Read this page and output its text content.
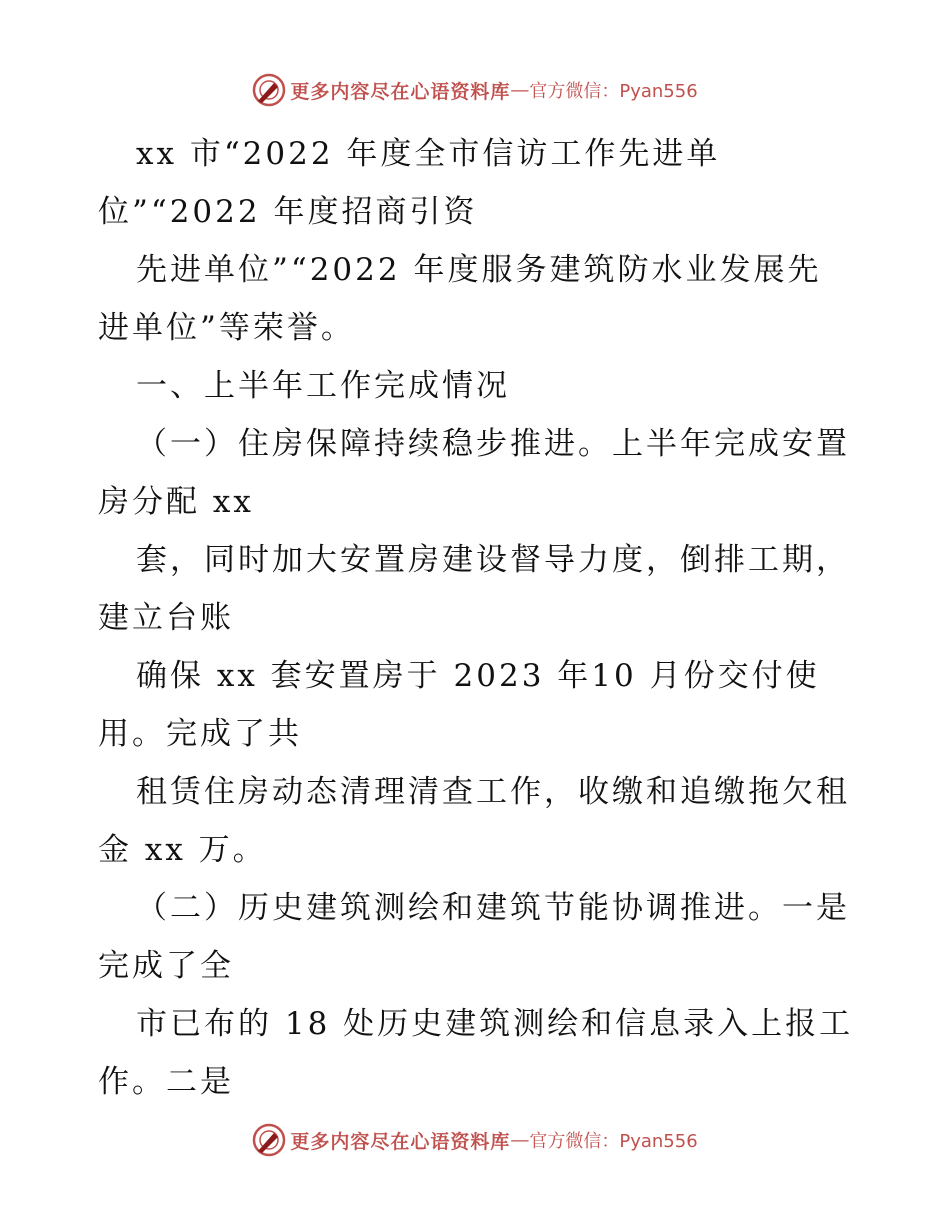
更多内容尽在心语资料库 — 官方微信：Pyan556

xx 市“2022 年度全市信访工作先进单

位”“2022 年度招商引资

先进单位”“2022 年度服务建筑防水业发展先

进单位”等荣誉。

一、上半年工作完成情况

（一）住房保障持续稳步推进。上半年完成安置

房分配 xx

套，同时加大安置房建设督导力度，倒排工期，

建立台账

确保 xx 套安置房于 2023 年10 月份交付使

用。完成了共

租赁住房动态清理清查工作，收缴和追缴拖欠租

金 xx 万。

（二）历史建筑测绘和建筑节能协调推进。一是

完成了全

市已布的 18 处历史建筑测绘和信息录入上报工

作。二是

更多内容尽在心语资料库 — 官方微信：Pyan556
